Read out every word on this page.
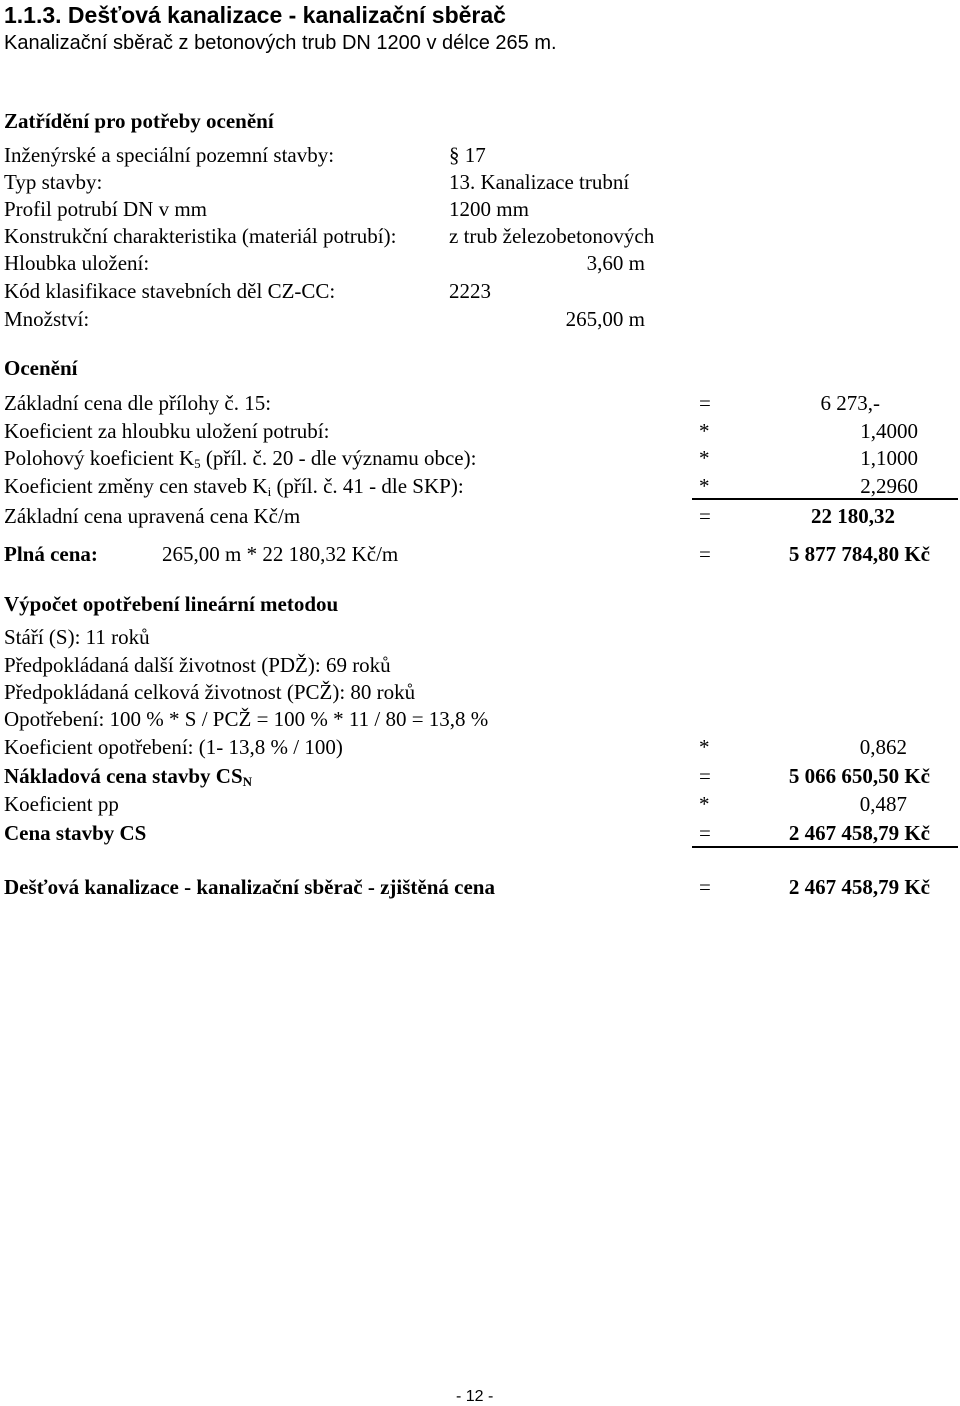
1.1.3. Dešťová kanalizace - kanalizační sběrač
Kanalizační sběrač z betonových trub DN 1200 v délce 265 m.
Zatřídění pro potřeby ocenění
Inženýrské a speciální pozemní stavby:	§ 17
Typ stavby:	13. Kanalizace trubní
Profil potrubí DN v mm	1200 mm
Konstrukční charakteristika (materiál potrubí):	z trub železobetonových
Hloubka uložení:	3,60 m
Kód klasifikace stavebních děl CZ-CC:	2223
Množství:	265,00 m
Ocenění
Základní cena dle přílohy č. 15:	=	6 273,-
Koeficient za hloubku uložení potrubí:	*	1,4000
Polohový koeficient $K_5$ (příl. č. 20 - dle významu obce):	*	1,1000
Koeficient změny cen staveb $K_i$ (příl. č. 41 - dle SKP):	*	2,2960
Základní cena upravená cena Kč/m	=	22 180,32
Plná cena:	265,00 m * 22 180,32 Kč/m	=	5 877 784,80 Kč
Výpočet opotřebení lineární metodou
Stáří (S): 11 roků
Předpokládaná další životnost (PDŽ): 69 roků
Předpokládaná celková životnost (PCŽ): 80 roků
Opotřebení: 100 % * S / PCŽ = 100 % * 11 / 80 = 13,8 %
Koeficient opotřebení: (1- 13,8 % / 100)	*	0,862
Nákladová cena stavby $CS_N$	=	5 066 650,50 Kč
Koeficient pp	*	0,487
Cena stavby CS	=	2 467 458,79 Kč
Dešťová kanalizace - kanalizační sběrač - zjištěná cena	=	2 467 458,79 Kč
- 12 -
